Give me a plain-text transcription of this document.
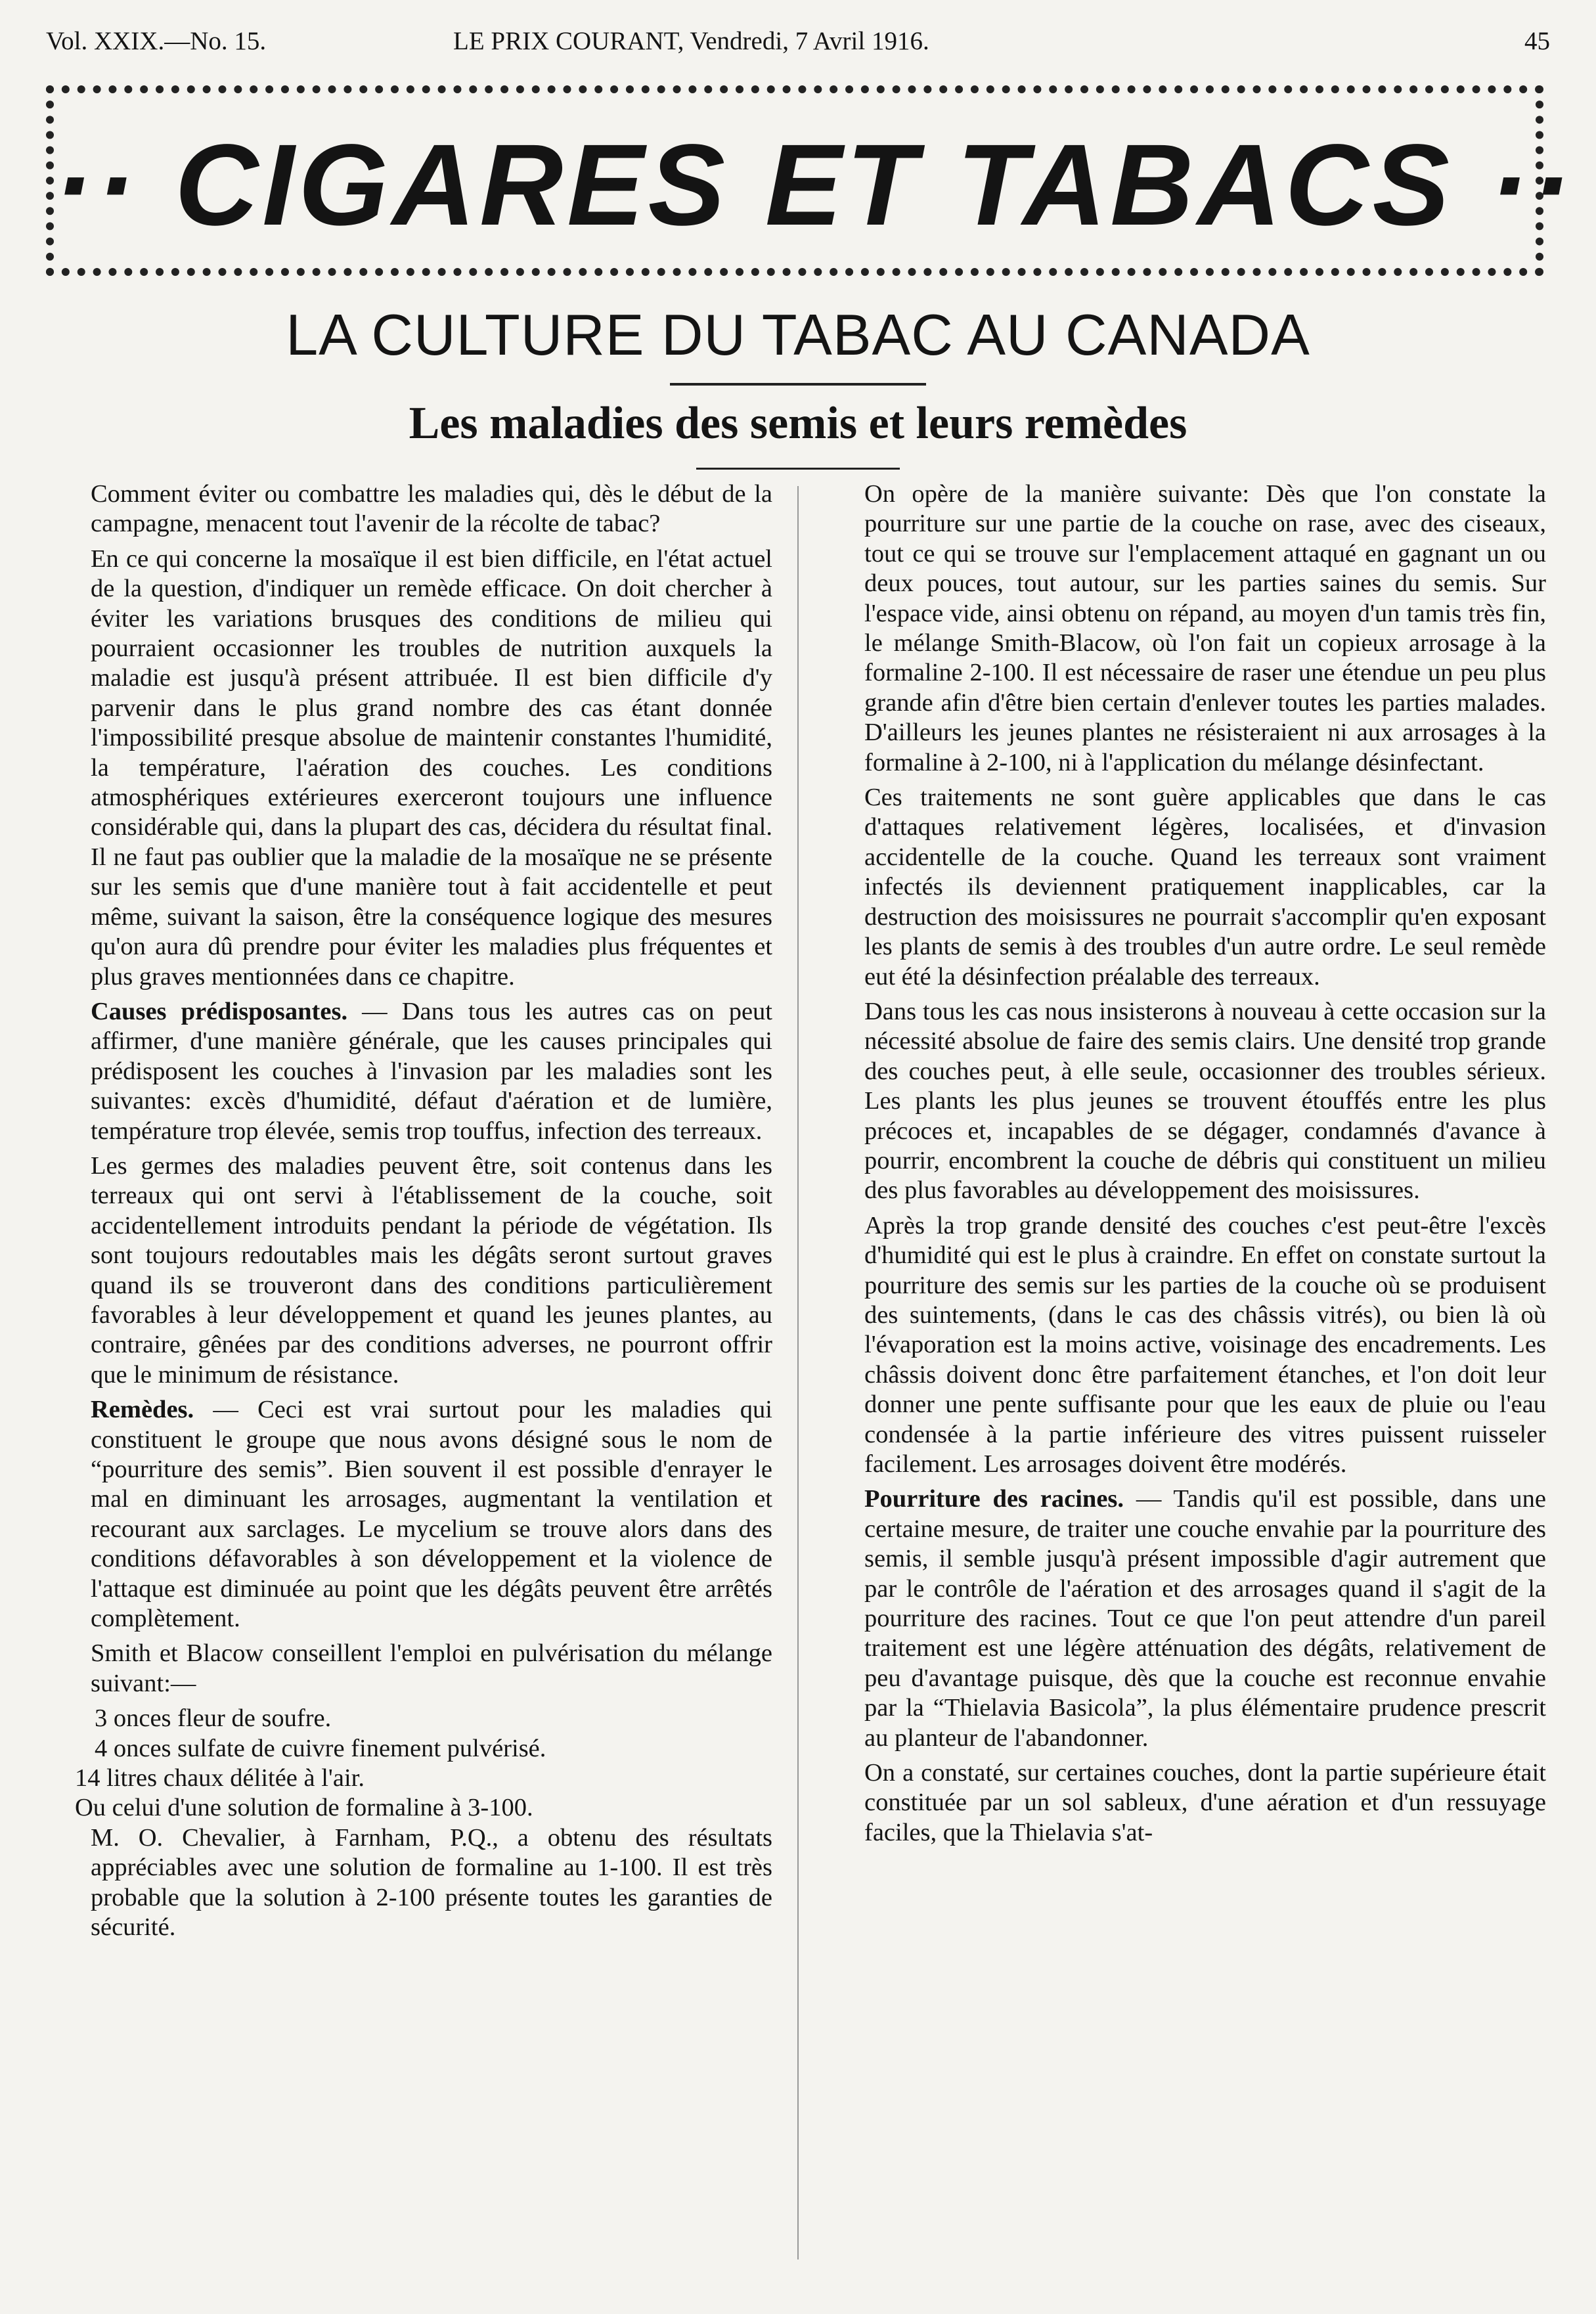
Vol. XXIX.—No. 15.	LE PRIX COURANT, Vendredi, 7 Avril 1916.	45
·· CIGARES ET TABACS ··
LA CULTURE DU TABAC AU CANADA
Les maladies des semis et leurs remèdes

Comment éviter ou combattre les maladies qui, dès le début de la campagne, menacent tout l'avenir de la récolte de tabac?

En ce qui concerne la mosaïque il est bien difficile, en l'état actuel de la question, d'indiquer un remède efficace. On doit chercher à éviter les variations brusques des conditions de milieu qui pourraient occasionner les troubles de nutrition auxquels la maladie est jusqu'à présent attribuée. Il est bien difficile d'y parvenir dans le plus grand nombre des cas étant donnée l'impossibilité presque absolue de maintenir constantes l'humidité, la température, l'aération des couches. Les conditions atmosphériques extérieures exerceront toujours une influence considérable qui, dans la plupart des cas, décidera du résultat final. Il ne faut pas oublier que la maladie de la mosaïque ne se présente sur les semis que d'une manière tout à fait accidentelle et peut même, suivant la saison, être la conséquence logique des mesures qu'on aura dû prendre pour éviter les maladies plus fréquentes et plus graves mentionnées dans ce chapitre.

Causes prédisposantes. — Dans tous les autres cas on peut affirmer, d'une manière générale, que les causes principales qui prédisposent les couches à l'invasion par les maladies sont les suivantes: excès d'humidité, défaut d'aération et de lumière, température trop élevée, semis trop touffus, infection des terreaux.

Les germes des maladies peuvent être, soit contenus dans les terreaux qui ont servi à l'établissement de la couche, soit accidentellement introduits pendant la période de végétation. Ils sont toujours redoutables mais les dégâts seront surtout graves quand ils se trouveront dans des conditions particulièrement favorables à leur développement et quand les jeunes plantes, au contraire, gênées par des conditions adverses, ne pourront offrir que le minimum de résistance.

Remèdes. — Ceci est vrai surtout pour les maladies qui constituent le groupe que nous avons désigné sous le nom de “pourriture des semis”. Bien souvent il est possible d'enrayer le mal en diminuant les arrosages, augmentant la ventilation et recourant aux sarclages. Le mycelium se trouve alors dans des conditions défavorables à son développement et la violence de l'attaque est diminuée au point que les dégâts peuvent être arrêtés complètement.

Smith et Blacow conseillent l'emploi en pulvérisation du mélange suivant:—

3 onces fleur de soufre.

4 onces sulfate de cuivre finement pulvérisé.

14 litres chaux délitée à l'air.

Ou celui d'une solution de formaline à 3-100.

M. O. Chevalier, à Farnham, P.Q., a obtenu des résultats appréciables avec une solution de formaline au 1-100. Il est très probable que la solution à 2-100 présente toutes les garanties de sécurité.

On opère de la manière suivante: Dès que l'on constate la pourriture sur une partie de la couche on rase, avec des ciseaux, tout ce qui se trouve sur l'emplacement attaqué en gagnant un ou deux pouces, tout autour, sur les parties saines du semis. Sur l'espace vide, ainsi obtenu on répand, au moyen d'un tamis très fin, le mélange Smith-Blacow, où l'on fait un copieux arrosage à la formaline 2-100. Il est nécessaire de raser une étendue un peu plus grande afin d'être bien certain d'enlever toutes les parties malades. D'ailleurs les jeunes plantes ne résisteraient ni aux arrosages à la formaline à 2-100, ni à l'application du mélange désinfectant.

Ces traitements ne sont guère applicables que dans le cas d'attaques relativement légères, localisées, et d'invasion accidentelle de la couche. Quand les terreaux sont vraiment infectés ils deviennent pratiquement inapplicables, car la destruction des moisissures ne pourrait s'accomplir qu'en exposant les plants de semis à des troubles d'un autre ordre. Le seul remède eut été la désinfection préalable des terreaux.

Dans tous les cas nous insisterons à nouveau à cette occasion sur la nécessité absolue de faire des semis clairs. Une densité trop grande des couches peut, à elle seule, occasionner des troubles sérieux. Les plants les plus jeunes se trouvent étouffés entre les plus précoces et, incapables de se dégager, condamnés d'avance à pourrir, encombrent la couche de débris qui constituent un milieu des plus favorables au développement des moisissures.

Après la trop grande densité des couches c'est peut-être l'excès d'humidité qui est le plus à craindre. En effet on constate surtout la pourriture des semis sur les parties de la couche où se produisent des suintements, (dans le cas des châssis vitrés), ou bien là où l'évaporation est la moins active, voisinage des encadrements. Les châssis doivent donc être parfaitement étanches, et l'on doit leur donner une pente suffisante pour que les eaux de pluie ou l'eau condensée à la partie inférieure des vitres puissent ruisseler facilement. Les arrosages doivent être modérés.

Pourriture des racines. — Tandis qu'il est possible, dans une certaine mesure, de traiter une couche envahie par la pourriture des semis, il semble jusqu'à présent impossible d'agir autrement que par le contrôle de l'aération et des arrosages quand il s'agit de la pourriture des racines. Tout ce que l'on peut attendre d'un pareil traitement est une légère atténuation des dégâts, relativement de peu d'avantage puisque, dès que la couche est reconnue envahie par la “Thielavia Basicola”, la plus élémentaire prudence prescrit au planteur de l'abandonner.

On a constaté, sur certaines couches, dont la partie supérieure était constituée par un sol sableux, d'une aération et d'un ressuyage faciles, que la Thielavia s'at-
